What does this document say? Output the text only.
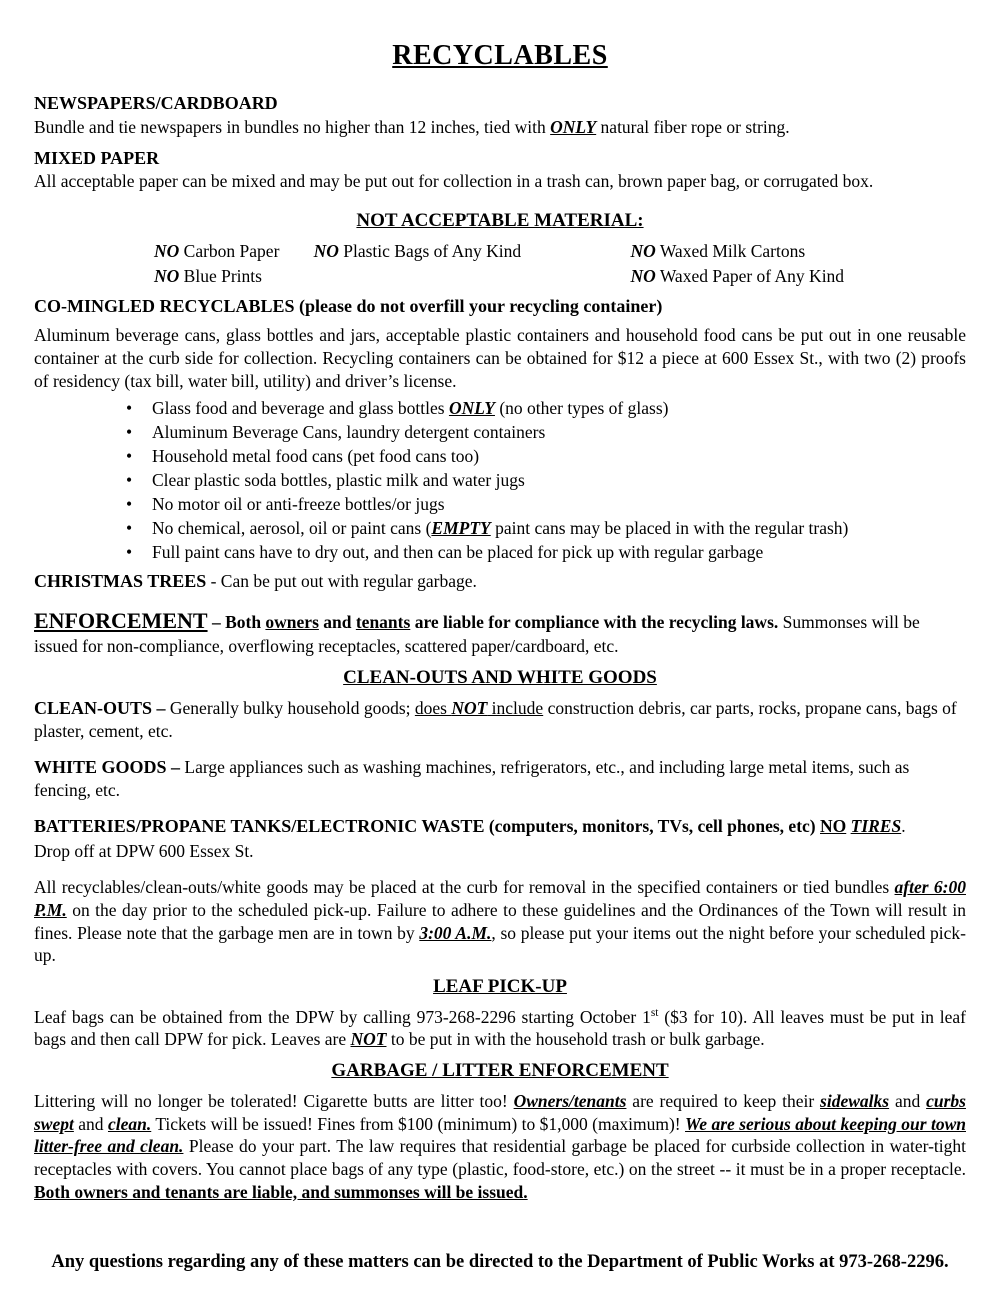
RECYCLABLES
NEWSPAPERS/CARDBOARD
Bundle and tie newspapers in bundles no higher than 12 inches, tied with ONLY natural fiber rope or string.
MIXED PAPER
All acceptable paper can be mixed and may be put out for collection in a trash can, brown paper bag, or corrugated box.
NOT ACCEPTABLE MATERIAL:
NO Carbon Paper	NO Plastic Bags of Any Kind	NO Waxed Milk Cartons
NO Blue Prints		NO Waxed Paper of Any Kind
CO-MINGLED RECYCLABLES (please do not overfill your recycling container)
Aluminum beverage cans, glass bottles and jars, acceptable plastic containers and household food cans be put out in one reusable container at the curb side for collection. Recycling containers can be obtained for $12 a piece at 600 Essex St., with two (2) proofs of residency (tax bill, water bill, utility) and driver’s license.
• Glass food and beverage and glass bottles ONLY (no other types of glass)
• Aluminum Beverage Cans, laundry detergent containers
• Household metal food cans (pet food cans too)
• Clear plastic soda bottles, plastic milk and water jugs
• No motor oil or anti-freeze bottles/or jugs
• No chemical, aerosol, oil or paint cans (EMPTY paint cans may be placed in with the regular trash)
• Full paint cans have to dry out, and then can be placed for pick up with regular garbage
CHRISTMAS TREES - Can be put out with regular garbage.
ENFORCEMENT – Both owners and tenants are liable for compliance with the recycling laws. Summonses will be issued for non-compliance, overflowing receptacles, scattered paper/cardboard, etc.
CLEAN-OUTS AND WHITE GOODS
CLEAN-OUTS – Generally bulky household goods; does NOT include construction debris, car parts, rocks, propane cans, bags of plaster, cement, etc.
WHITE GOODS – Large appliances such as washing machines, refrigerators, etc., and including large metal items, such as fencing, etc.
BATTERIES/PROPANE TANKS/ELECTRONIC WASTE (computers, monitors, TVs, cell phones, etc) NO TIRES.
Drop off at DPW 600 Essex St.
All recyclables/clean-outs/white goods may be placed at the curb for removal in the specified containers or tied bundles after 6:00 P.M. on the day prior to the scheduled pick-up. Failure to adhere to these guidelines and the Ordinances of the Town will result in fines. Please note that the garbage men are in town by 3:00 A.M., so please put your items out the night before your scheduled pick-up.
LEAF PICK-UP
Leaf bags can be obtained from the DPW by calling 973-268-2296 starting October 1st ($3 for 10). All leaves must be put in leaf bags and then call DPW for pick. Leaves are NOT to be put in with the household trash or bulk garbage.
GARBAGE / LITTER ENFORCEMENT
Littering will no longer be tolerated! Cigarette butts are litter too! Owners/tenants are required to keep their sidewalks and curbs swept and clean. Tickets will be issued! Fines from $100 (minimum) to $1,000 (maximum)! We are serious about keeping our town litter-free and clean. Please do your part. The law requires that residential garbage be placed for curbside collection in water-tight receptacles with covers. You cannot place bags of any type (plastic, food-store, etc.) on the street -- it must be in a proper receptacle. Both owners and tenants are liable, and summonses will be issued.
Any questions regarding any of these matters can be directed to the Department of Public Works at 973-268-2296.
